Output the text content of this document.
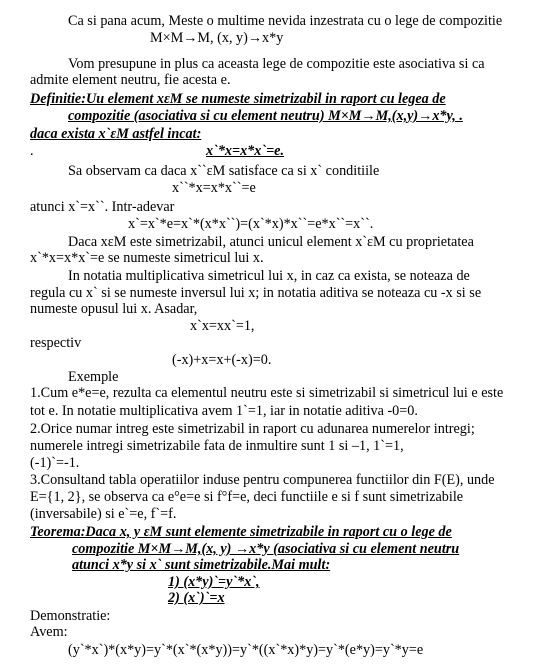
Ca si pana acum, Meste o multime nevida inzestrata cu o lege de compozitie
M×M→M, (x, y)→x*y
Vom presupune in plus ca aceasta lege de compozitie este asociativa si ca
admite element neutru, fie acesta e.
Definitie:Uu element xεM se numeste simetrizabil in raport cu legea de
compozitie (asociativa si cu element neutru) M×M→M,(x,y)→x*y, .
daca exista x`εM astfel incat:
.	x`*x=x*x`=e.
Sa observam ca daca x``εM satisface ca si x` conditiile
x``*x=x*x``=e
atunci x`=x``. Intr-adevar
x`=x`*e=x`*(x*x``)=(x`*x)*x``=e*x``=x``.
Daca xεM este simetrizabil, atunci unicul element x`εM cu proprietatea
x`*x=x*x`=e se numeste simetricul lui x.
In notatia multiplicativa simetricul lui x, in caz ca exista, se noteaza de
regula cu x` si se numeste inversul lui x; in notatia aditiva se noteaza cu -x si se
numeste opusul lui x. Asadar,
x`x=xx`=1,
respectiv
(-x)+x=x+(-x)=0.
Exemple
1.Cum e*e=e, rezulta ca elementul neutru este si simetrizabil si simetricul lui e este
tot e. In notatie multiplicativa avem 1`=1, iar in notatie aditiva -0=0.
2.Orice numar intreg este simetrizabil in raport cu adunarea numerelor intregi;
numerele intregi simetrizabile fata de inmultire sunt 1 si –1, 1`=1,
(-1)`=-1.
3.Consultand tabla operatiilor induse pentru compunerea functiilor din F(E), unde
E={1, 2}, se observa ca e°e=e si f°f=e, deci functiile e si f sunt simetrizabile
(inversabile) si e`=e, f`=f.
Teorema:Daca x, y εM sunt elemente simetrizabile in raport cu o lege de
compozitie M×M→M,(x, y) →x*y (asociativa si cu element neutru
atunci x*y si x` sunt simetrizabile.Mai mult:
1) (x*y)`=y`*x`,
2) (x`)`=x
Demonstratie:
Avem:
(y`*x`)*(x*y)=y`*(x`*(x*y))=y`*((x`*x)*y)=y`*(e*y)=y`*y=e
